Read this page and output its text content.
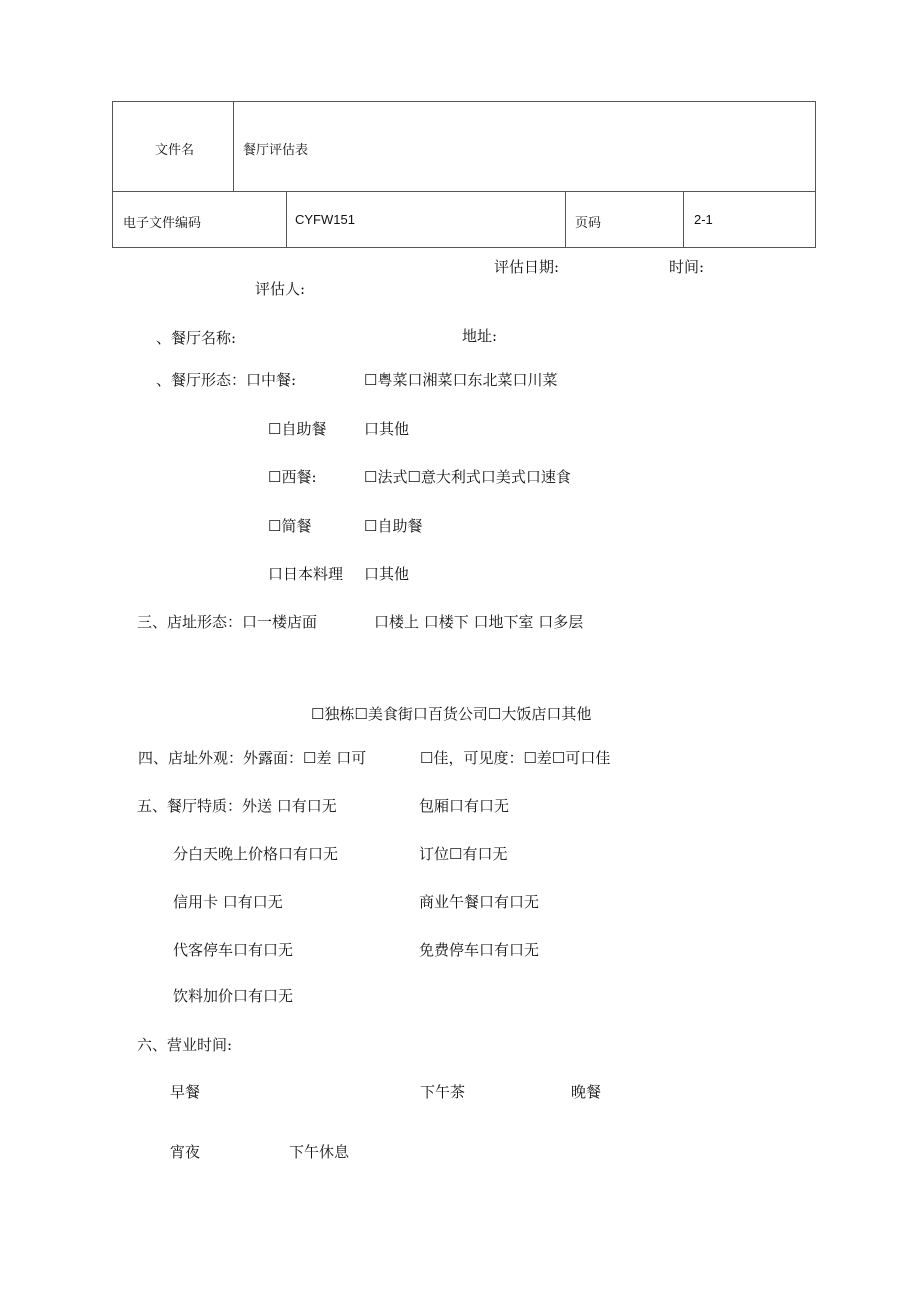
文件名	餐厅评估表
电子文件编码	CYFW151	页码	2-1
评估日期:	时间:
评估人:
、餐厅名称:	地址:
、餐厅形态：口中餐:	☐粤菜口湘菜口东北菜口川菜
☐自助餐	口其他
☐西餐:	☐法式☐意大利式口美式口速食
☐简餐	☐自助餐
口日本料理 口其他
三、店址形态：口一楼店面	口楼上 口楼下 口地下室 口多层
☐独栋☐美食街口百货公司☐大饭店口其他
四、店址外观：外露面：☐差 口可	☐佳，可见度：☐差☐可口佳
五、餐厅特质：外送 口有口无	包厢口有口无
分白天晚上价格口有口无	订位☐有口无
信用卡 口有口无	商业午餐口有口无
代客停车口有口无	免费停车口有口无
饮料加价口有口无
六、营业时间:
早餐	下午茶	晚餐
宵夜	下午休息
